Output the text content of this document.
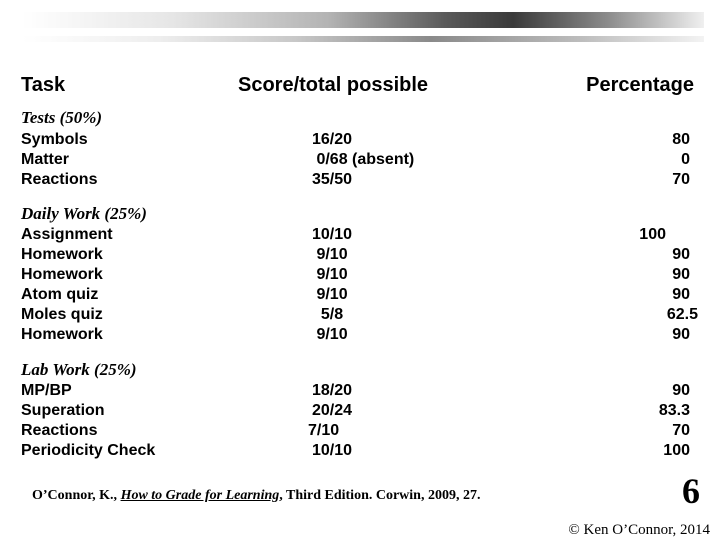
Task	Score/total possible	Percentage
Tests (50%)
Symbols	16/20	80
Matter	0/68 (absent)	0
Reactions	35/50	70
Daily Work (25%)
Assignment	10/10	100
Homework	9/10	90
Homework	9/10	90
Atom quiz	9/10	90
Moles quiz	5/8	62.5
Homework	9/10	90
Lab Work (25%)
MP/BP	18/20	90
Superation	20/24	83.3
Reactions	7/10	70
Periodicity Check	10/10	100
O’Connor, K., How to Grade for Learning, Third Edition. Corwin, 2009, 27.	6
© Ken O’Connor, 2014
